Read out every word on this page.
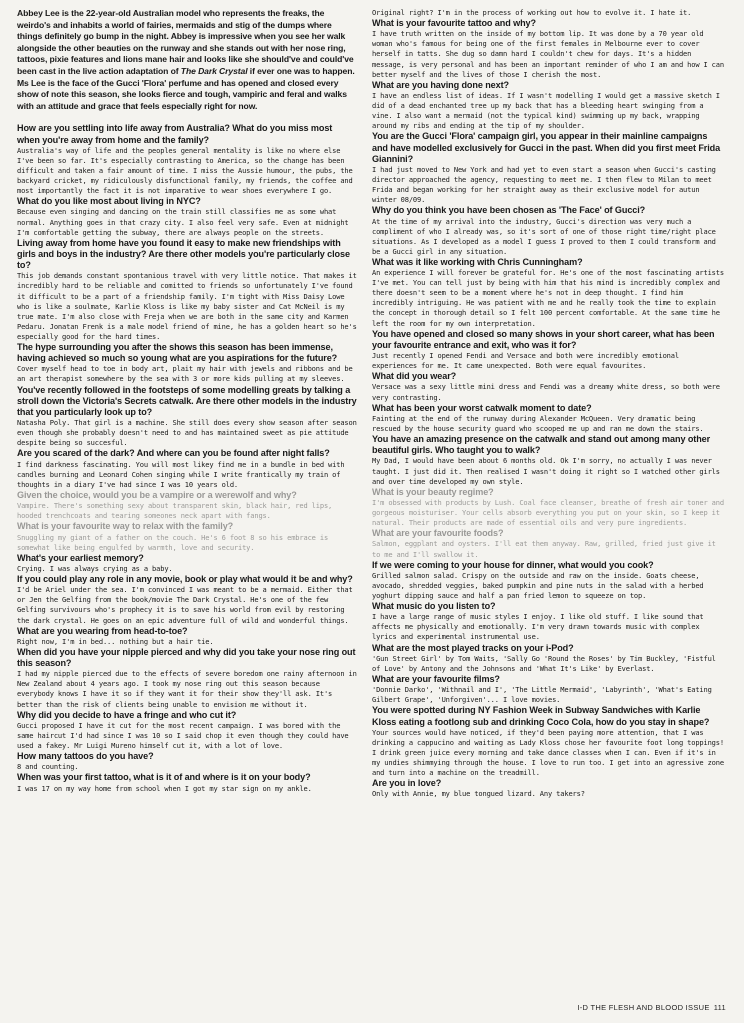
Abbey Lee is the 22-year-old Australian model who represents the freaks, the weirdo's and inhabits a world of fairies, mermaids and stig of the dumps where things definitely go bump in the night. Abbey is impressive when you see her walk alongside the other beauties on the runway and she stands out with her nose ring, tattoos, pixie features and lions mane hair and looks like she should've and could've been cast in the live action adaptation of The Dark Crystal if ever one was to happen. Ms Lee is the face of the Gucci 'Flora' perfume and has opened and closed every show of note this season, she looks fierce and tough, vampiric and feral and walks with an attitude and grace that feels especially right for now.

How are you settling into life away from Australia? What do you miss most when you're away from home and the family?

Australia's way of life and the peoples general mentality is like no where else I've been so far. It's especially contrasting to America, so the change has been difficult and taken a fair amount of time. I miss the Aussie humour, the pubs, the backyard cricket, my ridiculously disfunctional family, my friends, the coffee and most importantly the fact it is not imparative to wear shoes everywhere I go.

What do you like most about living in NYC?

Because even singing and dancing on the train still classifies me as some what normal. Anything goes in that crazy city. I also feel very safe. Even at midnight I'm comfortable getting the subway, there are always people on the streets.

Living away from home have you found it easy to make new friendships with girls and boys in the industry? Are there other models you're particularly close to?

This job demands constant spontanious travel with very little notice. That makes it incredibly hard to be reliable and comitted to friends so unfortunately I've found it difficult to be a part of a friendship family. I'm tight with Miss Daisy Lowe who is like a soulmate, Karlie Kloss is like my baby sister and Cat McNeil is my true mate. I'm also close with Freja when we are both in the same city and Karmen Pedaru. Jonatan Frenk is a male model friend of mine, he has a golden heart so he's especially good for the hard times.

The hype surrounding you after the shows this season has been immense, having achieved so much so young what are you aspirations for the future?

Cover myself head to toe in body art, plait my hair with jewels and ribbons and be an art therapist somewhere by the sea with 3 or more kids pulling at my sleeves.

You've recently followed in the footsteps of some modelling greats by talking a stroll down the Victoria's Secrets catwalk. Are there other models in the industry that you particularly look up to?

Natasha Poly. That girl is a machine. She still does every show season after season even though she probably doesn't need to and has maintained sweet as pie attitude despite being so succesful.

Are you scared of the dark? And where can you be found after night falls?

I find darkness fascinating. You will most likey find me in a bundle in bed with candles burning and Leonard Cohen singing while I write frantically my train of thoughts in a diary I've had since I was 10 years old.

Given the choice, would you be a vampire or a werewolf and why?

Vampire. There's something sexy about transparent skin, black hair, red lips, hooded trenchcoats and tearing someones neck apart with fangs.

What is your favourite way to relax with the family?

Snuggling my giant of a father on the couch. He's 6 foot 8 so his embrace is somewhat like being engulfed by warmth, love and security.

What's your earliest memory?

Crying. I was always crying as a baby.

If you could play any role in any movie, book or play what would it be and why?

I'd be Ariel under the sea. I'm convinced I was meant to be a mermaid. Either that or Jen the Gelfing from the book/movie The Dark Crystal. He's one of the few Gelfing survivours who's prophecy it is to save his world from evil by restoring the dark crystal. He goes on an epic adventure full of wild and wonderful things.

What are you wearing from head-to-toe?

Right now, I'm in bed... nothing but a hair tie.

When did you have your nipple pierced and why did you take your nose ring out this season?

I had my nipple pierced due to the effects of severe boredom one rainy afternoon in New Zealand about 4 years ago. I took my nose ring out this season because everybody knows I have it so if they want it for their show they'll ask. It's better than the risk of clients being unable to envision me without it.

Why did you decide to have a fringe and who cut it?

Gucci proposed I have it cut for the most recent campaign. I was bored with the same haircut I'd had since I was 10 so I said chop it even though they could have used a fakey. Mr Luigi Mureno himself cut it, with a lot of love.

How many tattoos do you have?

8 and counting.

When was your first tattoo, what is it of and where is it on your body?

I was 17 on my way home from school when I got my star sign on my ankle.

Original right? I'm in the process of working out how to evolve it. I hate it.

What is your favourite tattoo and why?

I have truth written on the inside of my bottom lip. It was done by a 70 year old woman who's famous for being one of the first females in Melbourne ever to cover herself in tatts. She dug so damn hard I couldn't chew for days. It's a hidden message, is very personal and has been an important reminder of who I am and how I can better myself and the lives of those I cherish the most.

What are you having done next?

I have an endless list of ideas. If I wasn't modelling I would get a massive sketch I did of a dead enchanted tree up my back that has a bleeding heart swinging from a vine. I also want a mermaid (not the typical kind) swimming up my back, wrapping around my ribs and ending at the tip of my shoulder.

You are the Gucci 'Flora' campaign girl, you appear in their mainline campaigns and have modelled exclusively for Gucci in the past. When did you first meet Frida Giannini?

I had just moved to New York and had yet to even start a season when Gucci's casting director approached the agency, requesting to meet me. I then flew to Milan to meet Frida and began working for her straight away as their exclusive model for autun winter 08/09.

Why do you think you have been chosen as 'The Face' of Gucci?

At the time of my arrival into the industry, Gucci's direction was very much a compliment of who I already was, so it's sort of one of those right time/right place situations. As I developed as a model I guess I proved to them I could transform and be a Gucci girl in any situation.

What was it like working with Chris Cunningham?

An experience I will forever be grateful for. He's one of the most fascinating artists I've met. You can tell just by being with him that his mind is incredibly complex and there doesn't seem to be a moment where he's not in deep thought. I find him incredibly intriguing. He was patient with me and he really took the time to explain the concept in thorough detail so I felt 100 percent comfortable. At the same time he left the room for my own interpretation.

You have opened and closed so many shows in your short career, what has been your favourite entrance and exit, who was it for?

Just recently I opened Fendi and Versace and both were incredibly emotional experiences for me. It came unexpected. Both were equal favourites.

What did you wear?

Versace was a sexy little mini dress and Fendi was a dreamy white dress, so both were very contrasting.

What has been your worst catwalk moment to date?

Fainting at the end of the runway during Alexander McQueen. Very dramatic being rescued by the house security guard who scooped me up and ran me down the stairs.

You have an amazing presence on the catwalk and stand out among many other beautiful girls. Who taught you to walk?

My Dad, I would have been about 6 months old. Ok I'm sorry, no actually I was never taught. I just did it. Then realised I wasn't doing it right so I watched other girls and over time developed my own style.

What is your beauty regime?

I'm obsessed with products by Lush. Coal face cleanser, breathe of fresh air toner and gorgeous moisturiser. Your cells absorb everything you put on your skin, so I keep it natural. Their products are made of essential oils and very pure ingredients.

What are your favourite foods?

Salmon, eggplant and oysters. I'll eat them anyway. Raw, grilled, fried just give it to me and I'll swallow it.

If we were coming to your house for dinner, what would you cook?

Grilled salmon salad. Crispy on the outside and raw on the inside. Goats cheese, avocado, shredded veggies, baked pumpkin and pine nuts in the salad with a herbed yoghurt dipping sauce and half a pan fried lemon to squeeze on top.

What music do you listen to?

I have a large range of music styles I enjoy. I like old stuff. I like sound that affects me physically and emotionally. I'm very drawn towards music with complex lyrics and experimental instrumental use.

What are the most played tracks on your i-Pod?

'Gun Street Girl' by Tom Waits, 'Sally Go 'Round the Roses' by Tim Buckley, 'Fistful of Love' by Antony and the Johnsons and 'What It's Like' by Everlast.

What are your favourite films?

'Donnie Darko', 'Withnail and I', 'The Little Mermaid', 'Labyrinth', 'What's Eating Gilbert Grape', 'Unforgiven'... I love movies.

You were spotted during NY Fashion Week in Subway Sandwiches with Karlie Kloss eating a footlong sub and drinking Coco Cola, how do you stay in shape?

Your sources would have noticed, if they'd been paying more attention, that I was drinking a cappucino and waiting as Lady Kloss chose her favourite foot long toppings! I drink green juice every morning and take dance classes when I can. Even if it's in my undies shimmying through the house. I love to run too. I get into an agressive zone and turn into a machine on the treadmill.

Are you in love?

Only with Annie, my blue tongued lizard. Any takers?

I-D THE FLESH AND BLOOD ISSUE 111
